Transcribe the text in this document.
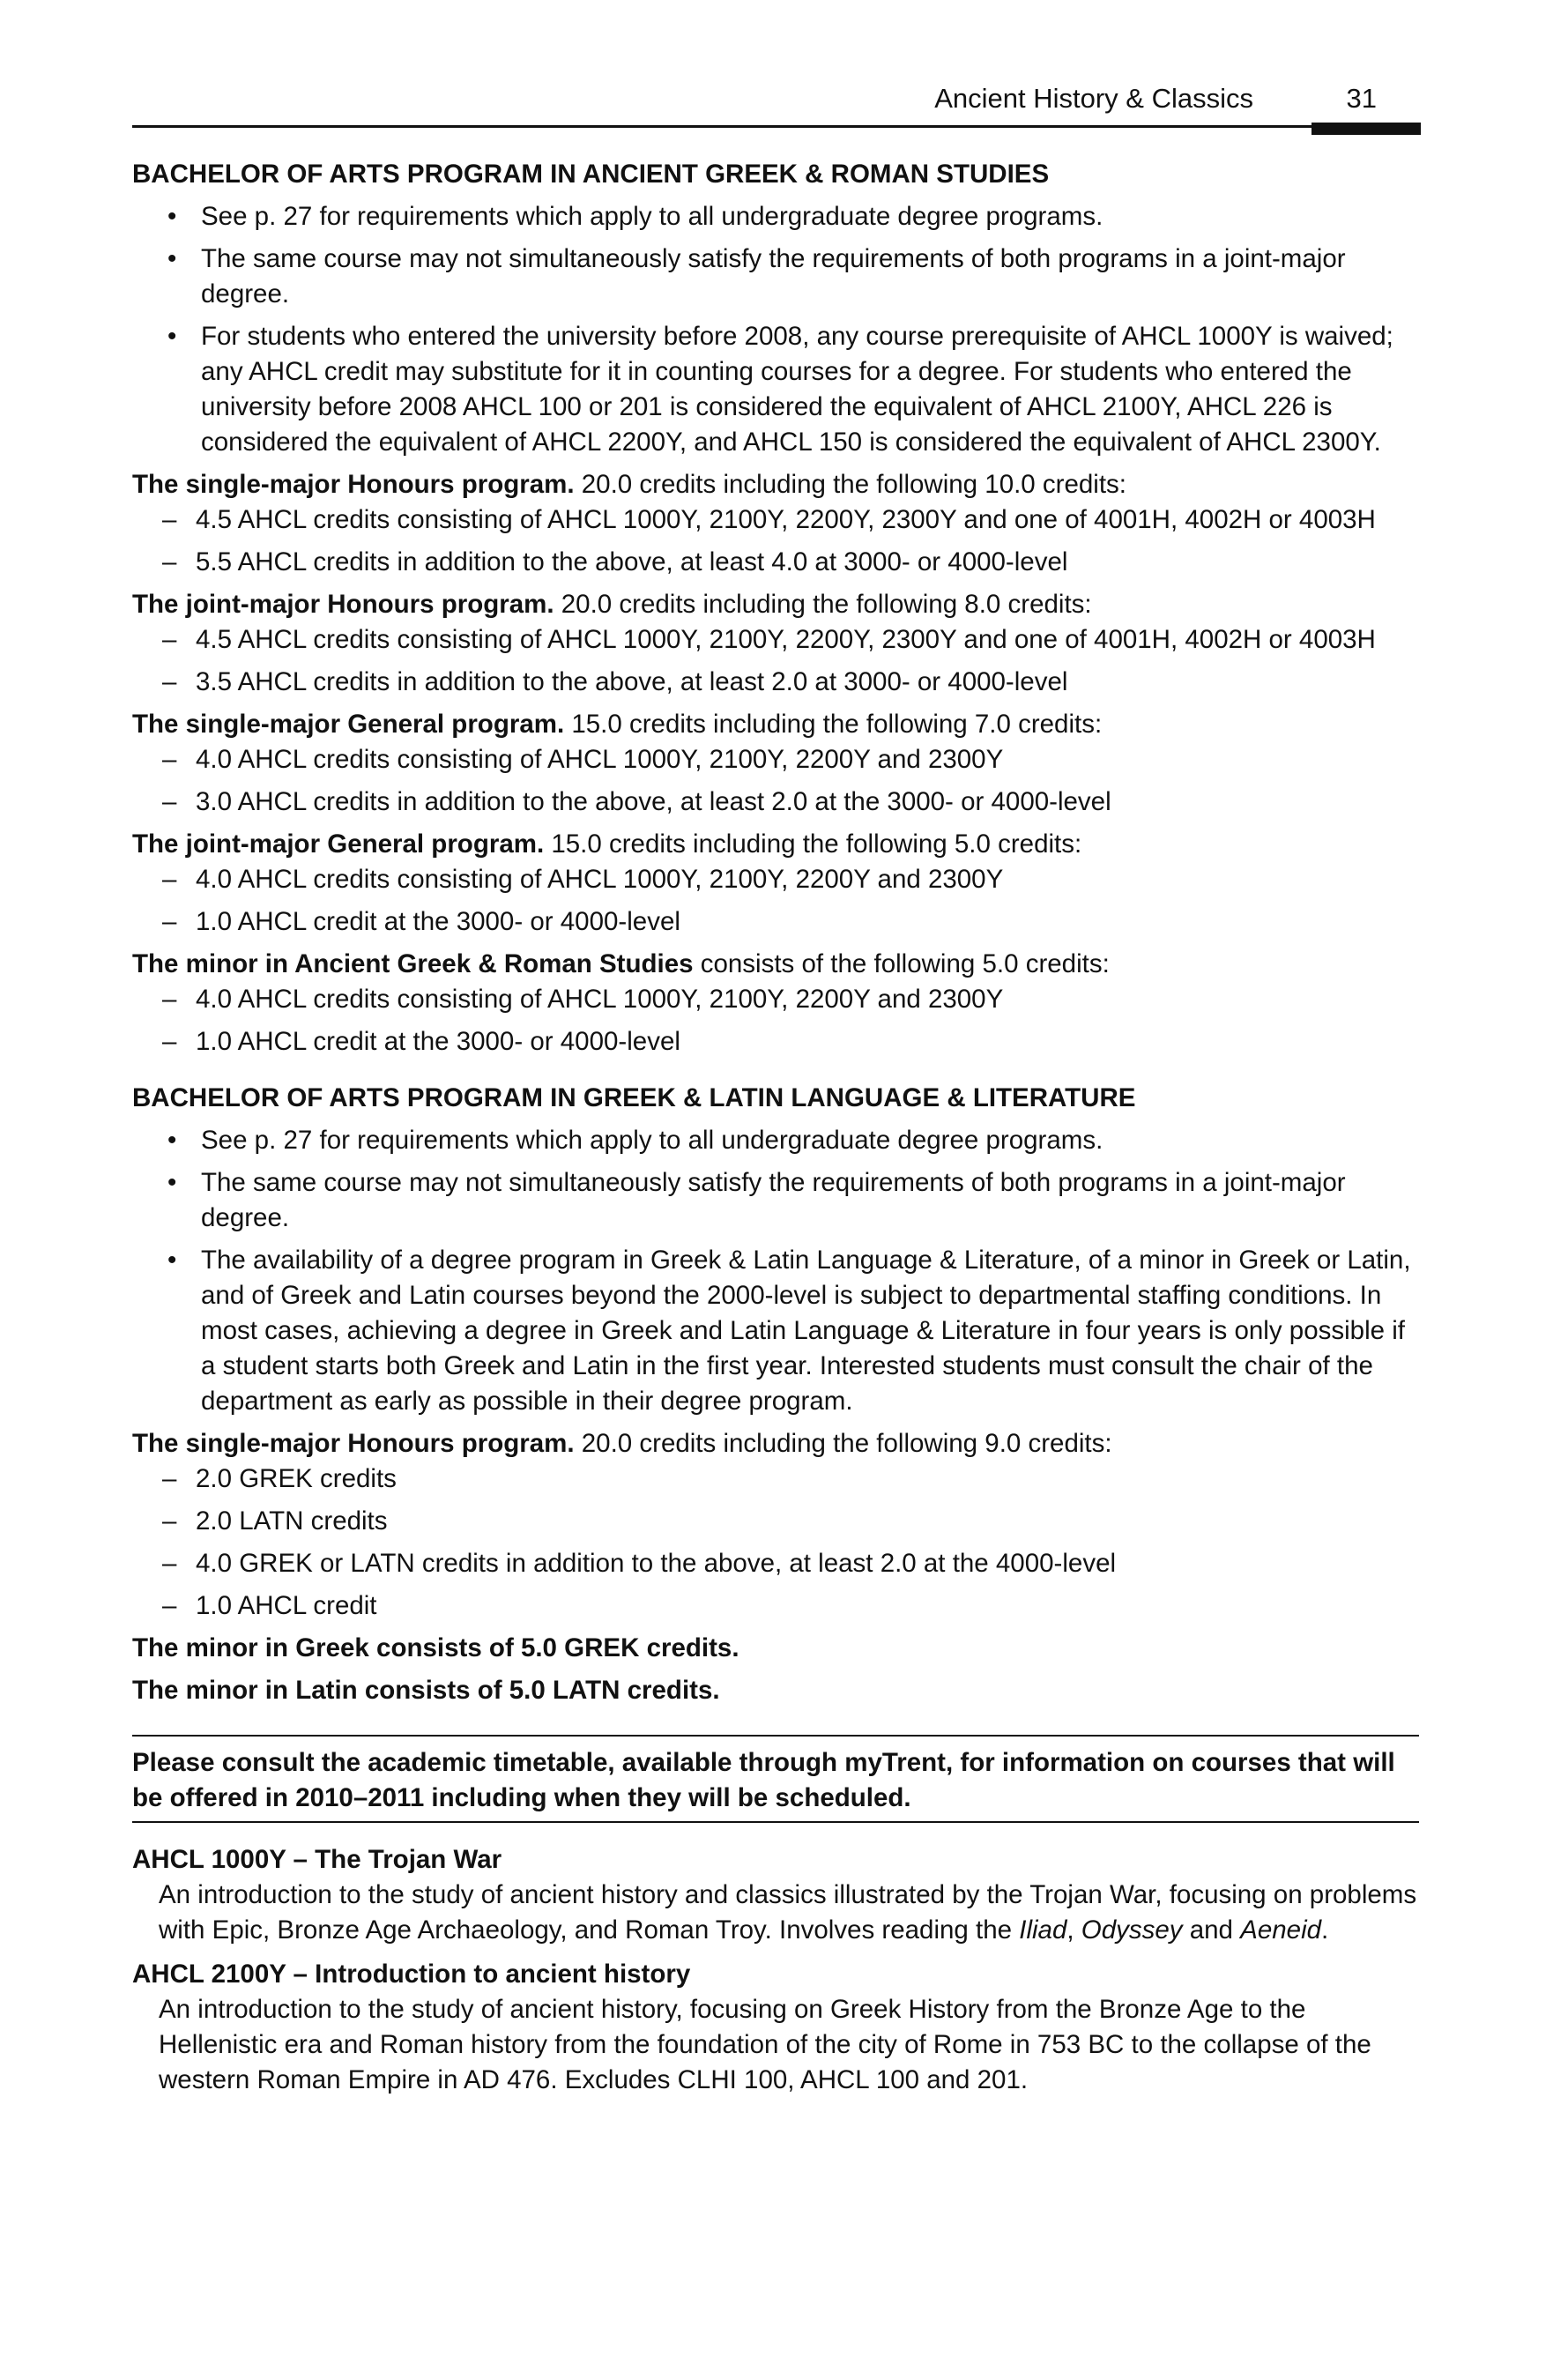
Ancient History & Classics	31
BACHELOR OF ARTS PROGRAM IN ANCIENT GREEK & ROMAN STUDIES
• See p. 27 for requirements which apply to all undergraduate degree programs.
• The same course may not simultaneously satisfy the requirements of both programs in a joint-major degree.
• For students who entered the university before 2008, any course prerequisite of AHCL 1000Y is waived; any AHCL credit may substitute for it in counting courses for a degree. For students who entered the university before 2008 AHCL 100 or 201 is considered the equivalent of AHCL 2100Y, AHCL 226 is considered the equivalent of AHCL 2200Y, and AHCL 150 is considered the equivalent of AHCL 2300Y.
The single-major Honours program. 20.0 credits including the following 10.0 credits:
– 4.5 AHCL credits consisting of AHCL 1000Y, 2100Y, 2200Y, 2300Y and one of 4001H, 4002H or 4003H
– 5.5 AHCL credits in addition to the above, at least 4.0 at 3000- or 4000-level
The joint-major Honours program. 20.0 credits including the following 8.0 credits:
– 4.5 AHCL credits consisting of AHCL 1000Y, 2100Y, 2200Y, 2300Y and one of 4001H, 4002H or 4003H
– 3.5 AHCL credits in addition to the above, at least 2.0 at 3000- or 4000-level
The single-major General program. 15.0 credits including the following 7.0 credits:
– 4.0 AHCL credits consisting of AHCL 1000Y, 2100Y, 2200Y and 2300Y
– 3.0 AHCL credits in addition to the above, at least 2.0 at the 3000- or 4000-level
The joint-major General program. 15.0 credits including the following 5.0 credits:
– 4.0 AHCL credits consisting of AHCL 1000Y, 2100Y, 2200Y and 2300Y
– 1.0 AHCL credit at the 3000- or 4000-level
The minor in Ancient Greek & Roman Studies consists of the following 5.0 credits:
– 4.0 AHCL credits consisting of AHCL 1000Y, 2100Y, 2200Y and 2300Y
– 1.0 AHCL credit at the 3000- or 4000-level
BACHELOR OF ARTS PROGRAM IN GREEK & LATIN LANGUAGE & LITERATURE
• See p. 27 for requirements which apply to all undergraduate degree programs.
• The same course may not simultaneously satisfy the requirements of both programs in a joint-major degree.
• The availability of a degree program in Greek & Latin Language & Literature, of a minor in Greek or Latin, and of Greek and Latin courses beyond the 2000-level is subject to departmental staffing conditions. In most cases, achieving a degree in Greek and Latin Language & Literature in four years is only possible if a student starts both Greek and Latin in the first year. Interested students must consult the chair of the department as early as possible in their degree program.
The single-major Honours program. 20.0 credits including the following 9.0 credits:
– 2.0 GREK credits
– 2.0 LATN credits
– 4.0 GREK or LATN credits in addition to the above, at least 2.0 at the 4000-level
– 1.0 AHCL credit
The minor in Greek consists of 5.0 GREK credits.
The minor in Latin consists of 5.0 LATN credits.
Please consult the academic timetable, available through myTrent, for information on courses that will be offered in 2010–2011 including when they will be scheduled.
AHCL 1000Y – The Trojan War
An introduction to the study of ancient history and classics illustrated by the Trojan War, focusing on problems with Epic, Bronze Age Archaeology, and Roman Troy. Involves reading the Iliad, Odyssey and Aeneid.
AHCL 2100Y – Introduction to ancient history
An introduction to the study of ancient history, focusing on Greek History from the Bronze Age to the Hellenistic era and Roman history from the foundation of the city of Rome in 753 BC to the collapse of the western Roman Empire in AD 476. Excludes CLHI 100, AHCL 100 and 201.
